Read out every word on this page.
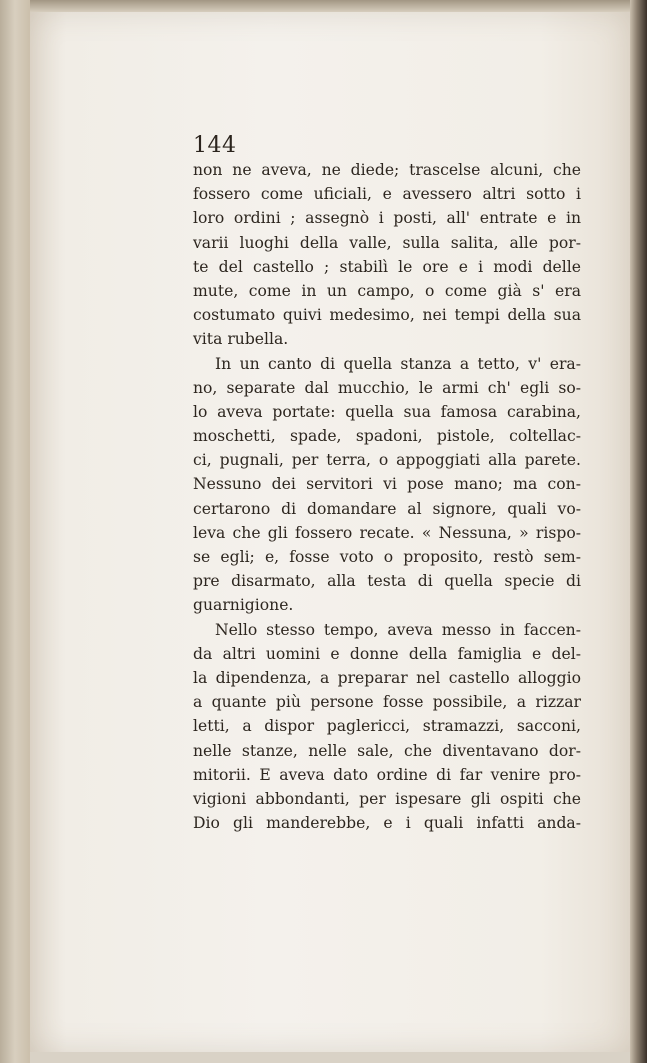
144
non ne aveva, ne diede; trascelse alcuni, che
fossero come uficiali, e avessero altri sotto i
loro ordini ; assegnò i posti, all' entrate e in
varii luoghi della valle, sulla salita, alle por-
te del castello ; stabilì le ore e i modi delle
mute, come in un campo, o come già s' era
costumato quivi medesimo, nei tempi della sua
vita rubella.
In un canto di quella stanza a tetto, v' era-
no, separate dal mucchio, le armi ch' egli so-
lo aveva portate: quella sua famosa carabina,
moschetti, spade, spadoni, pistole, coltellac-
ci, pugnali, per terra, o appoggiati alla parete.
Nessuno dei servitori vi pose mano; ma con-
certarono di domandare al signore, quali vo-
leva che gli fossero recate. « Nessuna, » rispo-
se egli; e, fosse voto o proposito, restò sem-
pre disarmato, alla testa di quella specie di
guarnigione.
Nello stesso tempo, aveva messo in faccen-
da altri uomini e donne della famiglia e del-
la dipendenza, a preparar nel castello alloggio
a quante più persone fosse possibile, a rizzar
letti, a dispor paglericci, stramazzi, sacconi,
nelle stanze, nelle sale, che diventavano dor-
mitorii. E aveva dato ordine di far venire pro-
vigioni abbondanti, per ispesare gli ospiti che
Dio gli manderebbe, e i quali infatti anda-
